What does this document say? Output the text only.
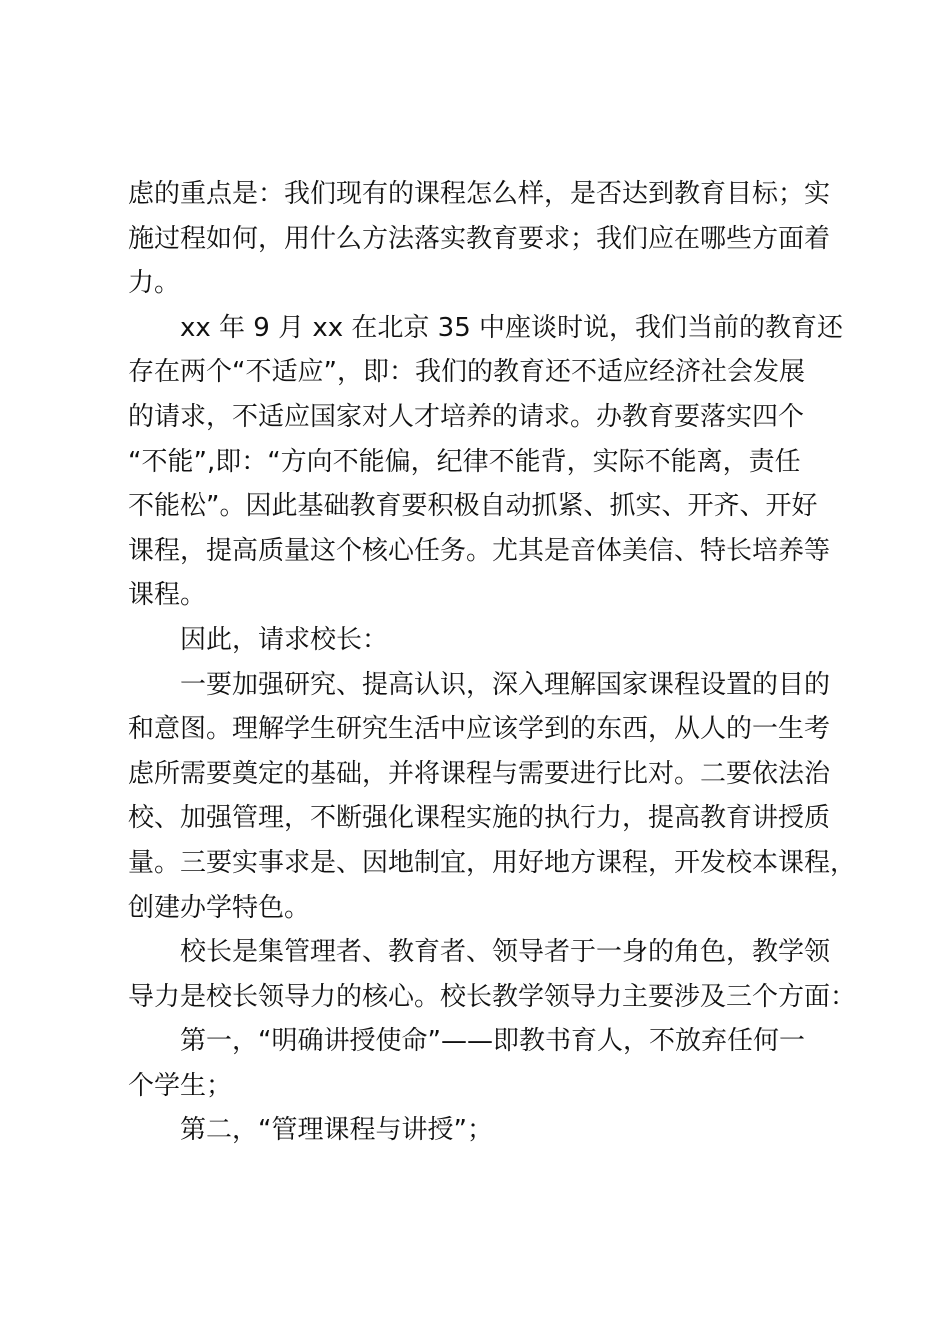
虑的重点是：我们现有的课程怎么样，是否达到教育目标；实
施过程如何，用什么方法落实教育要求；我们应在哪些方面着
力。
xx 年 9 月 xx 在北京 35 中座谈时说，我们当前的教育还
存在两个“不适应”，即：我们的教育还不适应经济社会发展
的请求，不适应国家对人才培养的请求。办教育要落实四个
“不能”,即：“方向不能偏，纪律不能背，实际不能离，责任
不能松”。因此基础教育要积极自动抓紧、抓实、开齐、开好
课程，提高质量这个核心任务。尤其是音体美信、特长培养等
课程。
因此，请求校长：
一要加强研究、提高认识，深入理解国家课程设置的目的
和意图。理解学生研究生活中应该学到的东西，从人的一生考
虑所需要奠定的基础，并将课程与需要进行比对。二要依法治
校、加强管理，不断强化课程实施的执行力，提高教育讲授质
量。三要实事求是、因地制宜，用好地方课程，开发校本课程，
创建办学特色。
校长是集管理者、教育者、领导者于一身的角色，教学领
导力是校长领导力的核心。校长教学领导力主要涉及三个方面：
第一，“明确讲授使命”——即教书育人，不放弃任何一
个学生；
第二，“管理课程与讲授”；
